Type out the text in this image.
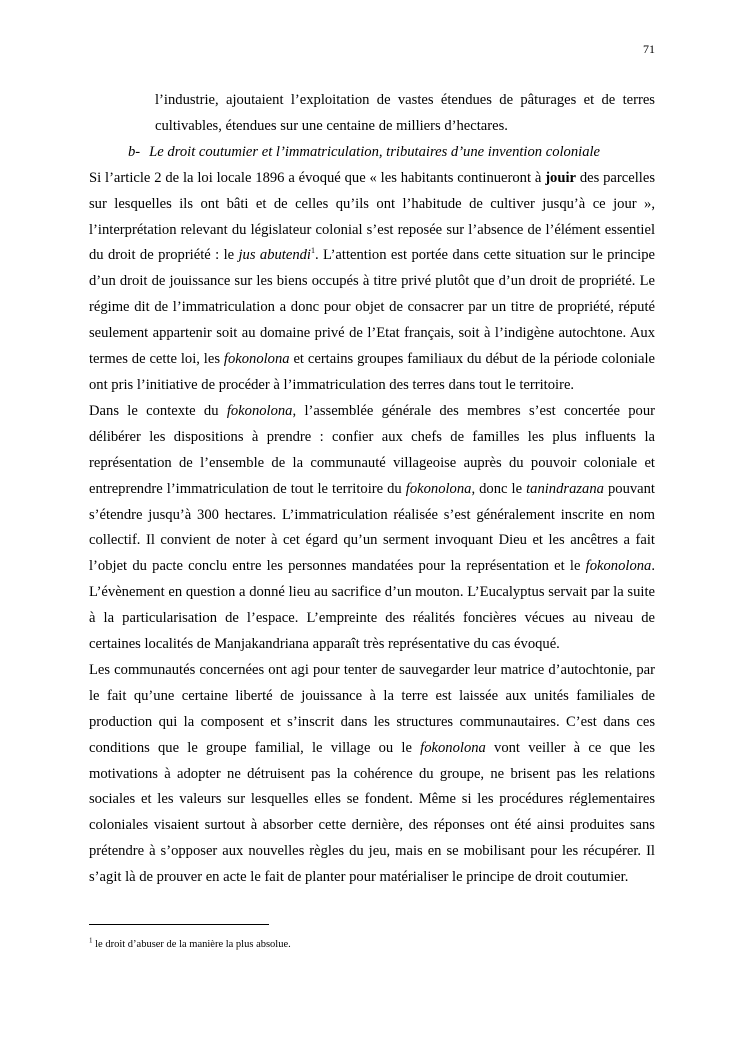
71

l’industrie, ajoutaient l’exploitation de vastes étendues de pâturages et de terres cultivables, étendues sur une centaine de milliers d’hectares.

b- Le droit coutumier et l’immatriculation, tributaires d’une invention coloniale

Si l’article 2 de la loi locale 1896 a évoqué que « les habitants continueront à jouir des parcelles sur lesquelles ils ont bâti et de celles qu’ils ont l’habitude de cultiver jusqu’à ce jour », l’interprétation relevant du législateur colonial s’est reposée sur l’absence de l’élément essentiel du droit de propriété : le jus abutendi$^1$. L’attention est portée dans cette situation sur le principe d’un droit de jouissance sur les biens occupés à titre privé plutôt que d’un droit de propriété. Le régime dit de l’immatriculation a donc pour objet de consacrer par un titre de propriété, réputé seulement appartenir soit au domaine privé de l’Etat français, soit à l’indigène autochtone. Aux termes de cette loi, les fokonolona et certains groupes familiaux du début de la période coloniale ont pris l’initiative de procéder à l’immatriculation des terres dans tout le territoire.

Dans le contexte du fokonolona, l’assemblée générale des membres s’est concertée pour délibérer les dispositions à prendre : confier aux chefs de familles les plus influents la représentation de l’ensemble de la communauté villageoise auprès du pouvoir coloniale et entreprendre l’immatriculation de tout le territoire du fokonolona, donc le tanindrazana pouvant s’étendre jusqu’à 300 hectares. L’immatriculation réalisée s’est généralement inscrite en nom collectif. Il convient de noter à cet égard qu’un serment invoquant Dieu et les ancêtres a fait l’objet du pacte conclu entre les personnes mandatées pour la représentation et le fokonolona. L’évènement en question a donné lieu au sacrifice d’un mouton. L’Eucalyptus servait par la suite à la particularisation de l’espace. L’empreinte des réalités foncières vécues au niveau de certaines localités de Manjakandriana apparaît très représentative du cas évoqué.

Les communautés concernées ont agi pour tenter de sauvegarder leur matrice d’autochtonie, par le fait qu’une certaine liberté de jouissance à la terre est laissée aux unités familiales de production qui la composent et s’inscrit dans les structures communautaires. C’est dans ces conditions que le groupe familial, le village ou le fokonolona vont veiller à ce que les motivations à adopter ne détruisent pas la cohérence du groupe, ne brisent pas les relations sociales et les valeurs sur lesquelles elles se fondent. Même si les procédures réglementaires coloniales visaient surtout à absorber cette dernière, des réponses ont été ainsi produites sans prétendre à s’opposer aux nouvelles règles du jeu, mais en se mobilisant pour les récupérer. Il s’agit là de prouver en acte le fait de planter pour matérialiser le principe de droit coutumier.

$^1$ le droit d’abuser de la manière la plus absolue.
